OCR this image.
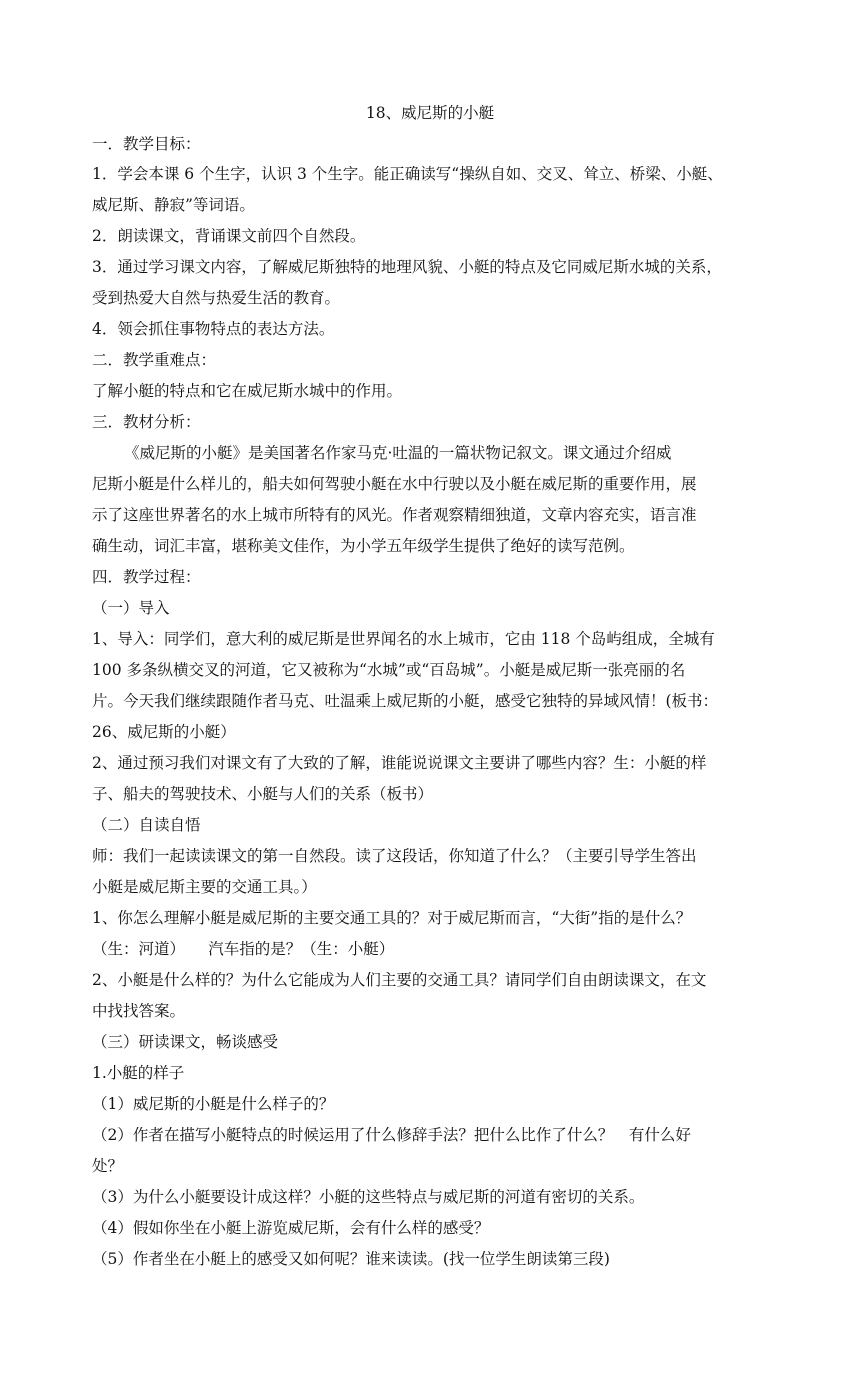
18、威尼斯的小艇
一．教学目标：
1．学会本课 6 个生字，认识 3 个生字。能正确读写“操纵自如、交叉、耸立、桥梁、小艇、
威尼斯、静寂”等词语。
2．朗读课文，背诵课文前四个自然段。
3．通过学习课文内容，了解威尼斯独特的地理风貌、小艇的特点及它同威尼斯水城的关系，
受到热爱大自然与热爱生活的教育。
4．领会抓住事物特点的表达方法。
二．教学重难点：
了解小艇的特点和它在威尼斯水城中的作用。
三．教材分析：
《威尼斯的小艇》是美国著名作家马克·吐温的一篇状物记叙文。课文通过介绍威
尼斯小艇是什么样儿的，船夫如何驾驶小艇在水中行驶以及小艇在威尼斯的重要作用，展
示了这座世界著名的水上城市所特有的风光。作者观察精细独道，文章内容充实，语言准
确生动，词汇丰富，堪称美文佳作，为小学五年级学生提供了绝好的读写范例。
四．教学过程：
（一）导入
1、导入：同学们，意大利的威尼斯是世界闻名的水上城市，它由 118 个岛屿组成，全城有
100 多条纵横交叉的河道，它又被称为“水城”或“百岛城”。小艇是威尼斯一张亮丽的名
片。今天我们继续跟随作者马克、吐温乘上威尼斯的小艇，感受它独特的异域风情！(板书：
26、威尼斯的小艇）
2、通过预习我们对课文有了大致的了解，谁能说说课文主要讲了哪些内容？生：小艇的样
子、船夫的驾驶技术、小艇与人们的关系（板书）
（二）自读自悟
师：我们一起读读课文的第一自然段。读了这段话，你知道了什么？（主要引导学生答出
小艇是威尼斯主要的交通工具。）
1、你怎么理解小艇是威尼斯的主要交通工具的？对于威尼斯而言，“大街”指的是什么？
（生：河道）　　汽车指的是？（生：小艇）
2、小艇是什么样的？为什么它能成为人们主要的交通工具？请同学们自由朗读课文，在文
中找找答案。
（三）研读课文，畅谈感受
1.小艇的样子
（1）威尼斯的小艇是什么样子的？
（2）作者在描写小艇特点的时候运用了什么修辞手法？把什么比作了什么？　有什么好
处？
（3）为什么小艇要设计成这样？小艇的这些特点与威尼斯的河道有密切的关系。
（4）假如你坐在小艇上游览威尼斯，会有什么样的感受？
（5）作者坐在小艇上的感受又如何呢？谁来读读。(找一位学生朗读第三段)
